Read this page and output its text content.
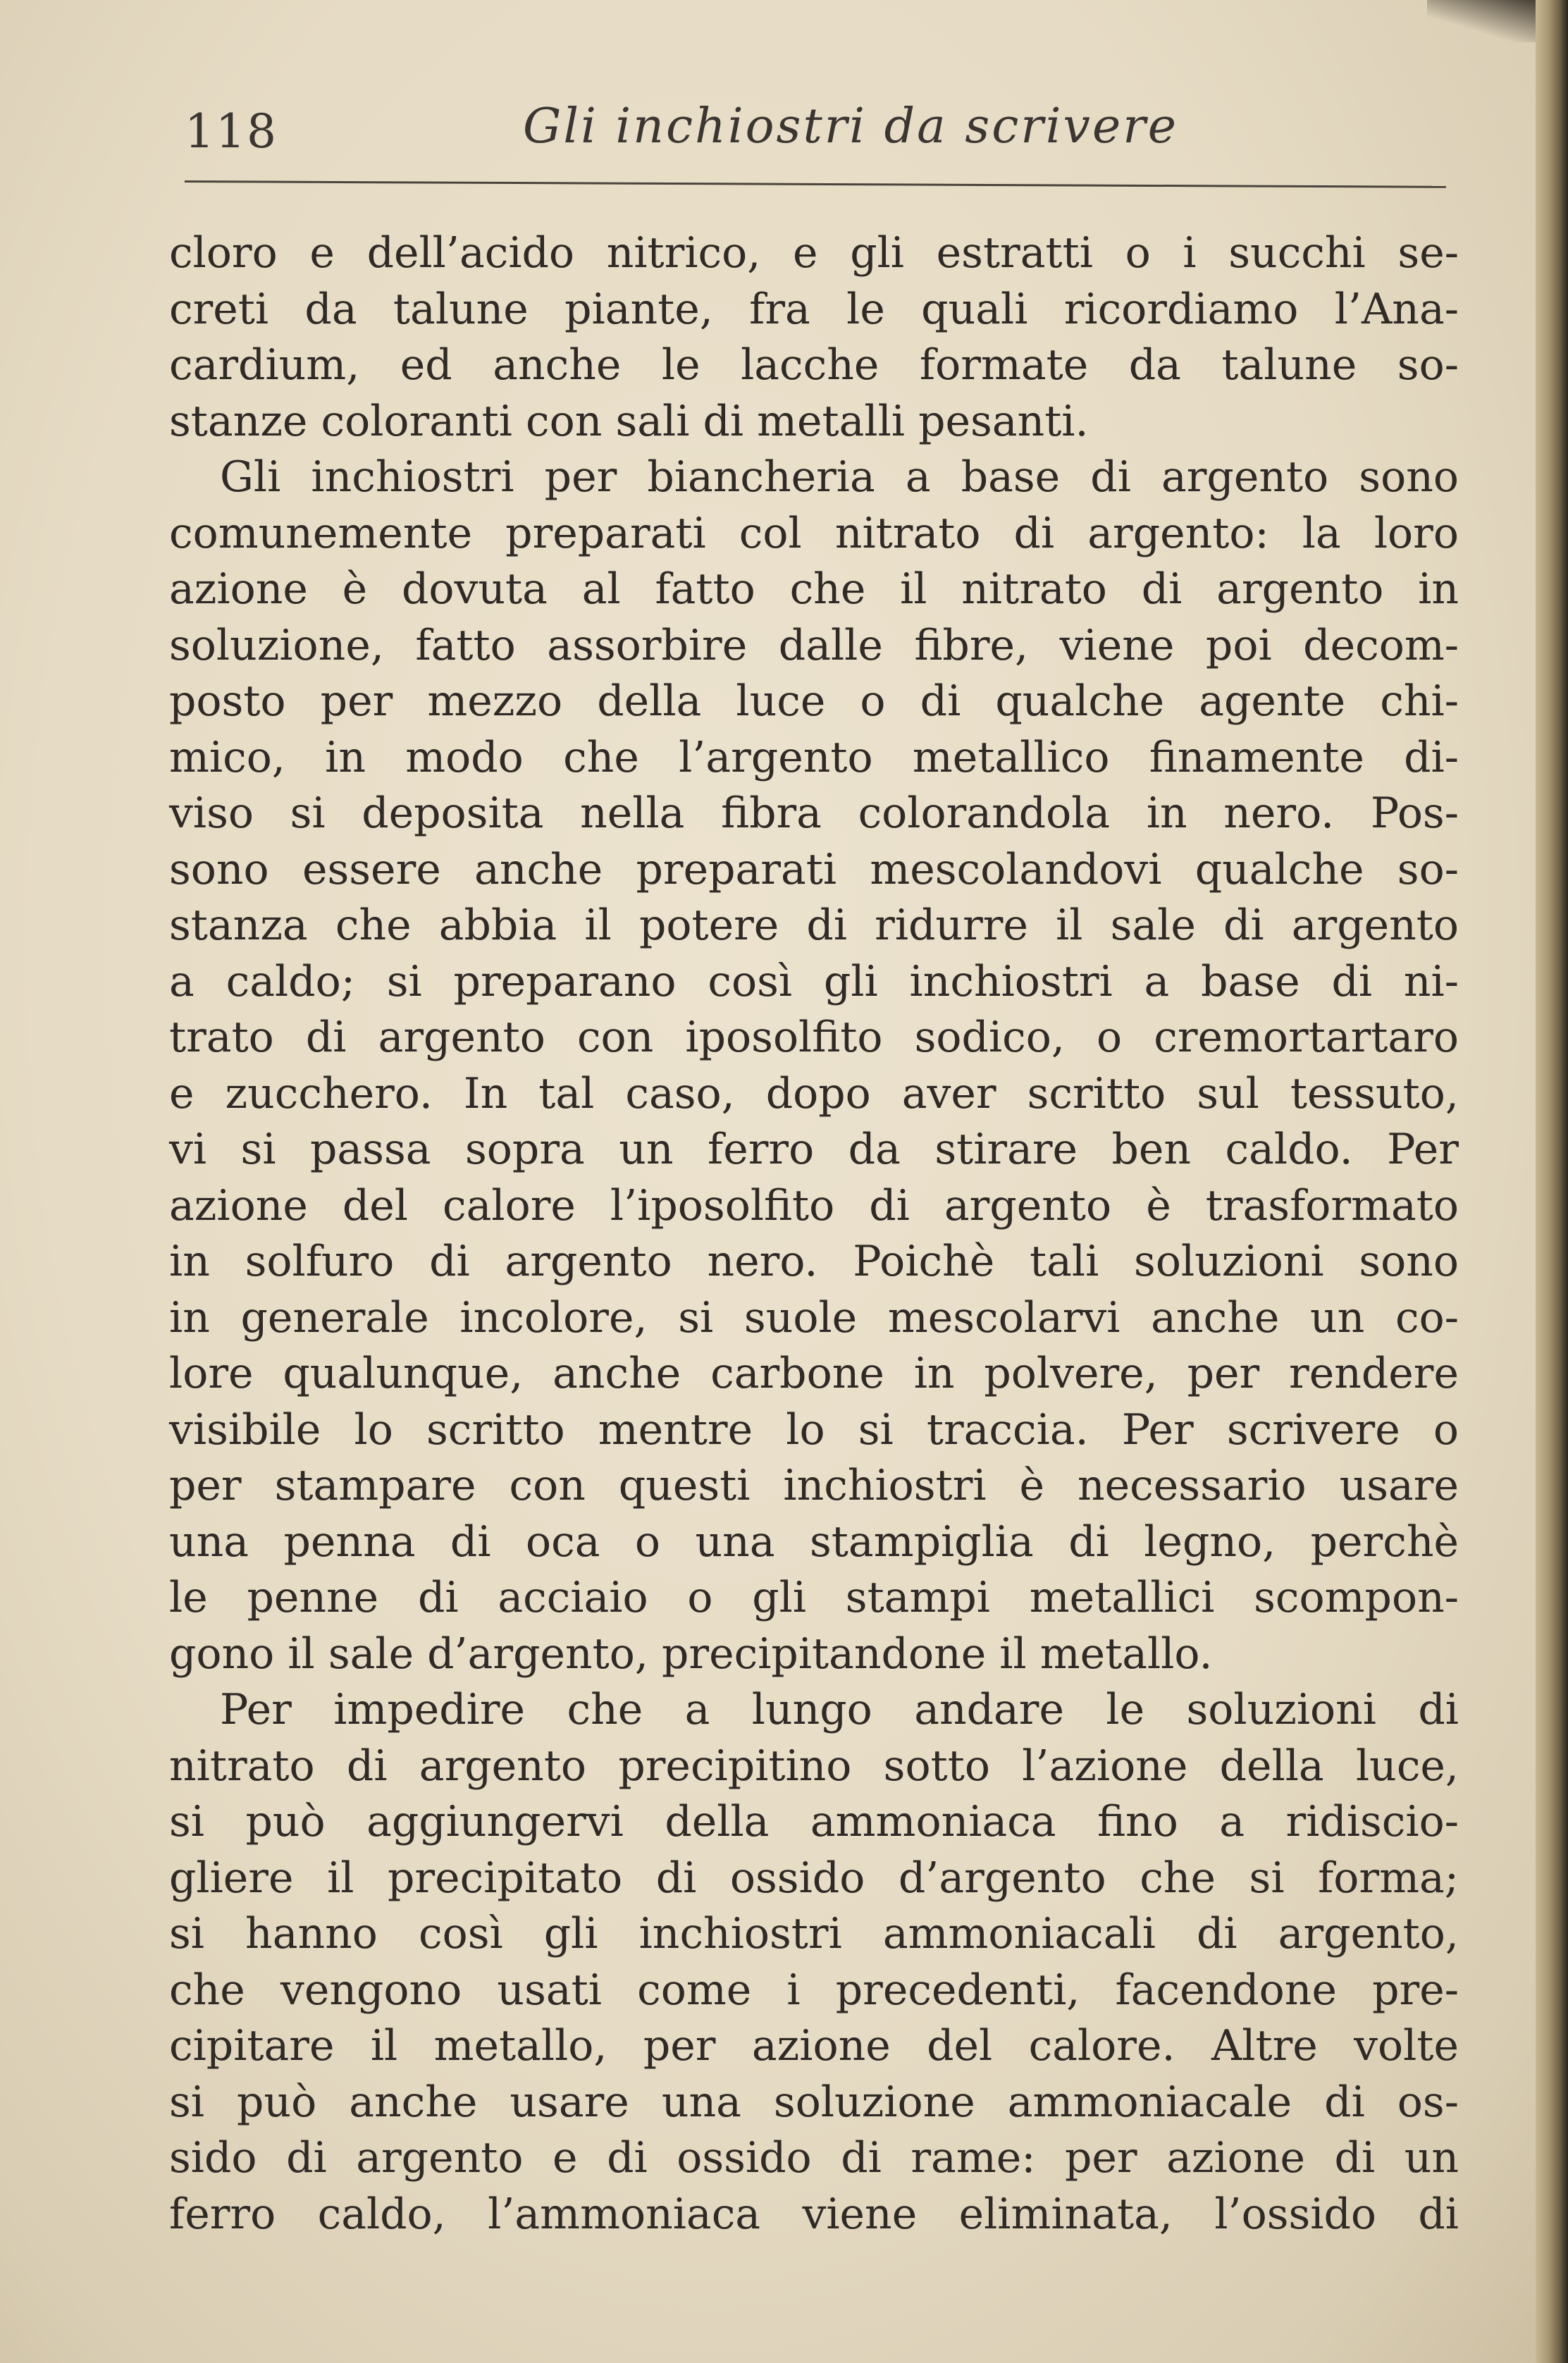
118	Gli inchiostri da scrivere
cloro e dell’acido nitrico, e gli estratti o i succhi se-
creti da talune piante, fra le quali ricordiamo l’Ana-
cardium, ed anche le lacche formate da talune so-
stanze coloranti con sali di metalli pesanti.
Gli inchiostri per biancheria a base di argento sono
comunemente preparati col nitrato di argento: la loro
azione è dovuta al fatto che il nitrato di argento in
soluzione, fatto assorbire dalle fibre, viene poi decom-
posto per mezzo della luce o di qualche agente chi-
mico, in modo che l’argento metallico finamente di-
viso si deposita nella fibra colorandola in nero. Pos-
sono essere anche preparati mescolandovi qualche so-
stanza che abbia il potere di ridurre il sale di argento
a caldo; si preparano così gli inchiostri a base di ni-
trato di argento con iposolfito sodico, o cremortartaro
e zucchero. In tal caso, dopo aver scritto sul tessuto,
vi si passa sopra un ferro da stirare ben caldo. Per
azione del calore l’iposolfito di argento è trasformato
in solfuro di argento nero. Poichè tali soluzioni sono
in generale incolore, si suole mescolarvi anche un co-
lore qualunque, anche carbone in polvere, per rendere
visibile lo scritto mentre lo si traccia. Per scrivere o
per stampare con questi inchiostri è necessario usare
una penna di oca o una stampiglia di legno, perchè
le penne di acciaio o gli stampi metallici scompon-
gono il sale d’argento, precipitandone il metallo.
Per impedire che a lungo andare le soluzioni di
nitrato di argento precipitino sotto l’azione della luce,
si può aggiungervi della ammoniaca fino a ridiscio-
gliere il precipitato di ossido d’argento che si forma;
si hanno così gli inchiostri ammoniacali di argento,
che vengono usati come i precedenti, facendone pre-
cipitare il metallo, per azione del calore. Altre volte
si può anche usare una soluzione ammoniacale di os-
sido di argento e di ossido di rame: per azione di un
ferro caldo, l’ammoniaca viene eliminata, l’ossido di
